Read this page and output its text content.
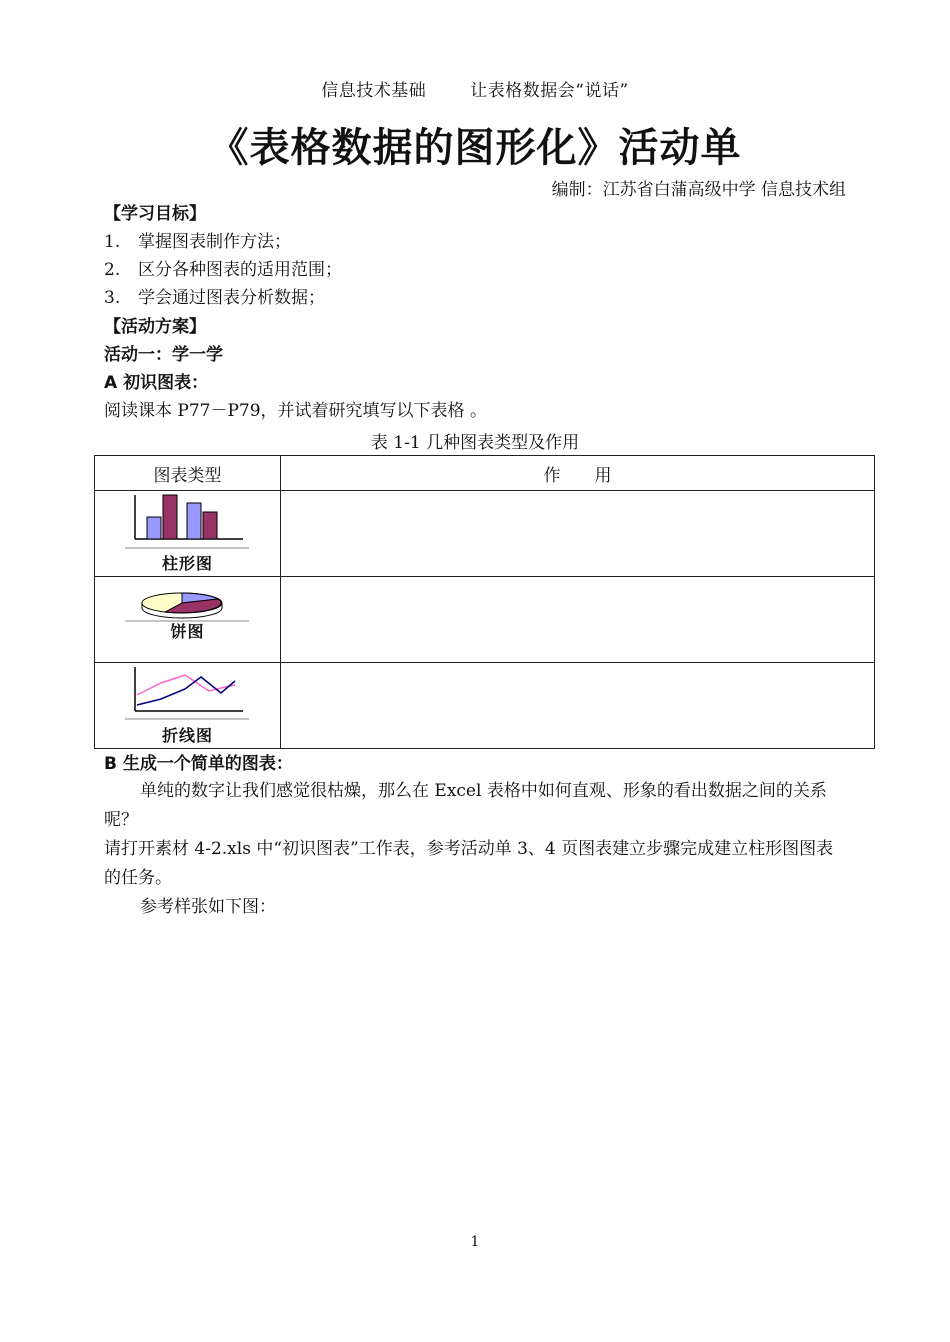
信息技术基础	让表格数据会“说话”
《表格数据的图形化》活动单
编制：江苏省白蒲高级中学 信息技术组
【学习目标】
1. 掌握图表制作方法；
2. 区分各种图表的适用范围；
3. 学会通过图表分析数据；
【活动方案】
活动一：学一学
A 初识图表：
阅读课本 P77－P79，并试着研究填写以下表格 。
表 1-1 几种图表类型及作用
图表类型	作　　用

柱形图	

饼图	

折线图	

B 生成一个简单的图表：
单纯的数字让我们感觉很枯燥，那么在 Excel 表格中如何直观、形象的看出数据之间的关系呢？
请打开素材 4-2.xls 中“初识图表”工作表，参考活动单 3、4 页图表建立步骤完成建立柱形图图表的任务。
参考样张如下图：
1
